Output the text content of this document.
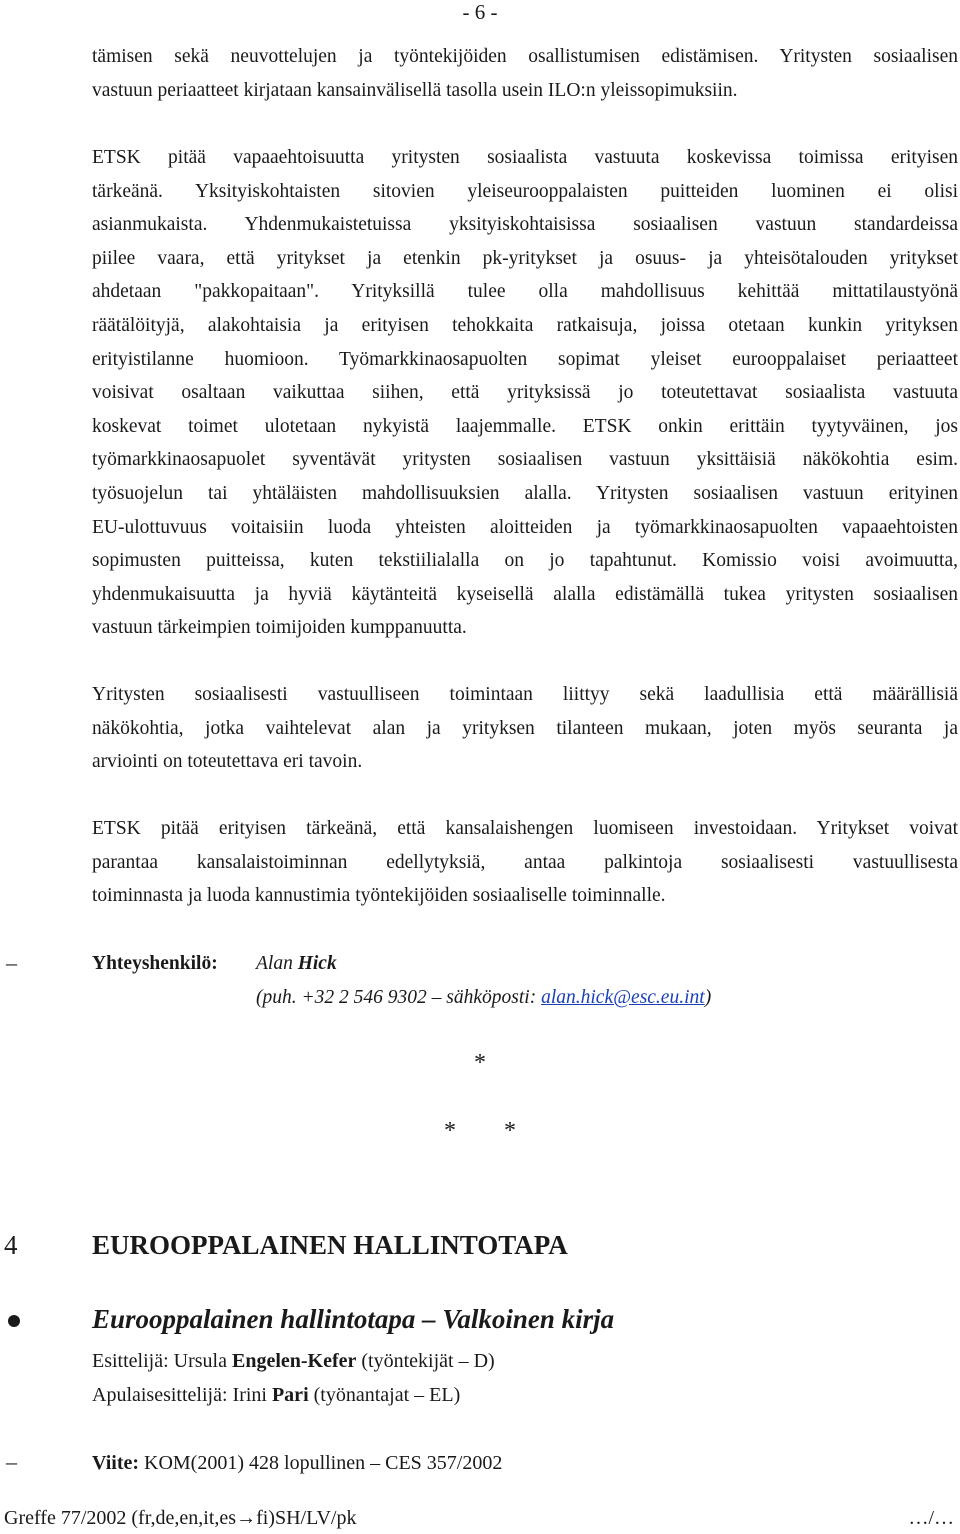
- 6 -
tämisen sekä neuvottelujen ja työntekijöiden osallistumisen edistämisen. Yritysten sosiaalisen
vastuun periaatteet kirjataan kansainvälisellä tasolla usein ILO:n yleissopimuksiin.
ETSK pitää vapaaehtoisuutta yritysten sosiaalista vastuuta koskevissa toimissa erityisen
tärkeänä. Yksityiskohtaisten sitovien yleiseurooppalaisten puitteiden luominen ei olisi
asianmukaista. Yhdenmukaistetuissa yksityiskohtaisissa sosiaalisen vastuun standardeissa
piilee vaara, että yritykset ja etenkin pk-yritykset ja osuus- ja yhteisötalouden yritykset
ahdetaan "pakkopaitaan". Yrityksillä tulee olla mahdollisuus kehittää mittatilaustyönä
räätälöityjä, alakohtaisia ja erityisen tehokkaita ratkaisuja, joissa otetaan kunkin yrityksen
erityistilanne huomioon. Työmarkkinaosapuolten sopimat yleiset eurooppalaiset periaatteet
voisivat osaltaan vaikuttaa siihen, että yrityksissä jo toteutettavat sosiaalista vastuuta
koskevat toimet ulotetaan nykyistä laajemmalle. ETSK onkin erittäin tyytyväinen, jos
työmarkkinaosapuolet syventävät yritysten sosiaalisen vastuun yksittäisiä näkökohtia esim.
työsuojelun tai yhtäläisten mahdollisuuksien alalla. Yritysten sosiaalisen vastuun erityinen
EU-ulottuvuus voitaisiin luoda yhteisten aloitteiden ja työmarkkinaosapuolten vapaaehtoisten
sopimusten puitteissa, kuten tekstiilialalla on jo tapahtunut. Komissio voisi avoimuutta,
yhdenmukaisuutta ja hyviä käytänteitä kyseisellä alalla edistämällä tukea yritysten sosiaalisen
vastuun tärkeimpien toimijoiden kumppanuutta.
Yritysten sosiaalisesti vastuulliseen toimintaan liittyy sekä laadullisia että määrällisiä
näkökohtia, jotka vaihtelevat alan ja yrityksen tilanteen mukaan, joten myös seuranta ja
arviointi on toteutettava eri tavoin.
ETSK pitää erityisen tärkeänä, että kansalaishengen luomiseen investoidaan. Yritykset voivat
parantaa kansalaistoiminnan edellytyksiä, antaa palkintoja sosiaalisesti vastuullisesta
toiminnasta ja luoda kannustimia työntekijöiden sosiaaliselle toiminnalle.
–	Yhteyshenkilö: Alan Hick
(puh. +32 2 546 9302 – sähköposti: alan.hick@esc.eu.int)
*
*        *
4	EUROOPPALAINEN HALLINTOTAPA
Eurooppalainen hallintotapa – Valkoinen kirja
Esittelijä: Ursula Engelen-Kefer (työntekijät – D)
Apulaisesittelijä: Irini Pari (työnantajat – EL)
–	Viite: KOM(2001) 428 lopullinen – CES 357/2002
Greffe 77/2002 (fr,de,en,it,es→fi)SH/LV/pk	…/…
